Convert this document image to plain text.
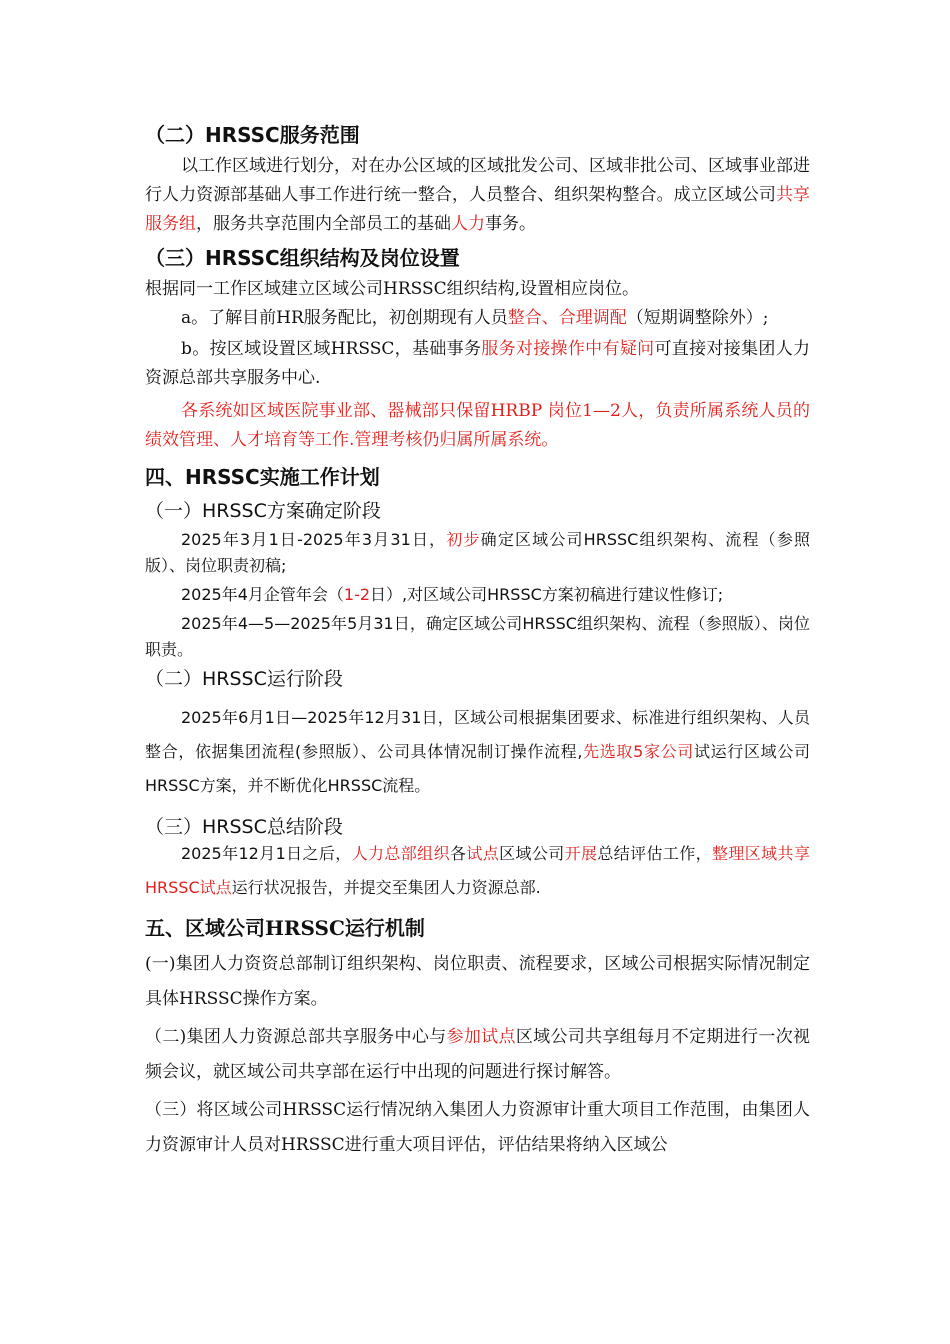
（二）HRSSC服务范围

以工作区域进行划分，对在办公区域的区域批发公司、区域非批公司、区域事业部进行人力资源部基础人事工作进行统一整合，人员整合、组织架构整合。成立区域公司共享服务组，服务共享范围内全部员工的基础人力事务。

（三）HRSSC组织结构及岗位设置

根据同一工作区域建立区域公司HRSSC组织结构,设置相应岗位。

a。了解目前HR服务配比，初创期现有人员整合、合理调配（短期调整除外）;

b。按区域设置区域HRSSC，基础事务服务对接操作中有疑问可直接对接集团人力资源总部共享服务中心.

各系统如区域医院事业部、器械部只保留HRBP 岗位1—2人，负责所属系统人员的绩效管理、人才培育等工作.管理考核仍归属所属系统。

四、HRSSC实施工作计划

（一）HRSSC方案确定阶段

2025年3月1日-2025年3月31日，初步确定区域公司HRSSC组织架构、流程（参照版）、岗位职责初稿;

2025年4月企管年会（1-2日）,对区域公司HRSSC方案初稿进行建议性修订;

2025年4—5—2025年5月31日，确定区域公司HRSSC组织架构、流程（参照版）、岗位职责。

（二）HRSSC运行阶段

2025年6月1日—2025年12月31日，区域公司根据集团要求、标准进行组织架构、人员整合，依据集团流程(参照版）、公司具体情况制订操作流程,先选取5家公司试运行区域公司HRSSC方案，并不断优化HRSSC流程。

（三）HRSSC总结阶段

2025年12月1日之后，人力总部组织各试点区域公司开展总结评估工作，整理区域共享HRSSC试点运行状况报告，并提交至集团人力资源总部.

五、区域公司HRSSC运行机制

(一)集团人力资资总部制订组织架构、岗位职责、流程要求，区域公司根据实际情况制定具体HRSSC操作方案。

（二)集团人力资源总部共享服务中心与参加试点区域公司共享组每月不定期进行一次视频会议，就区域公司共享部在运行中出现的问题进行探讨解答。

（三）将区域公司HRSSC运行情况纳入集团人力资源审计重大项目工作范围，由集团人力资源审计人员对HRSSC进行重大项目评估，评估结果将纳入区域公
